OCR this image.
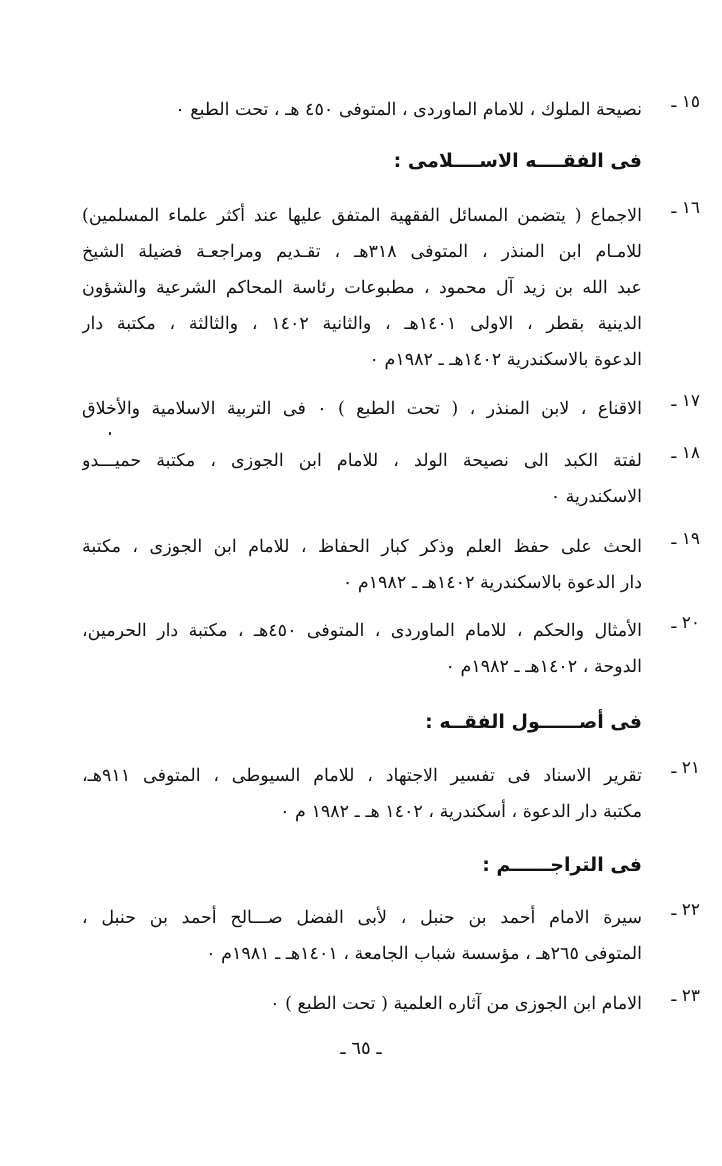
١٥ ـ
نصيحة الملوك ، للامام الماوردى ، المتوفى ٤٥٠ هـ ، تحت الطبع ٠
فى الفقــــه الاســــلامى :
١٦ ـ
الاجماع ( يتضمن المسائل الفقهية المتفق عليها عند أكثر علماء المسلمين)
للامـام ابن المنذر ، المتوفى ٣١٨هـ ، تقـديم ومراجعـة فضيلة الشيخ
عبد الله بن زيد آل محمود ، مطبوعات رئاسة المحاكم الشرعية والشؤون
الدينية بقطر ، الاولى ١٤٠١هـ ، والثانية ١٤٠٢ ، والثالثة ، مكتبة دار
الدعوة بالاسكندرية ١٤٠٢هـ ـ ١٩٨٢م ٠
١٧ ـ
الاقناع ، لابن المنذر ، ( تحت الطبع ) ٠ فى التربية الاسلامية والأخلاق
١٨ ـ
لفتة الكبد الى نصيحة الولد ، للامام ابن الجوزى ، مكتبة حميـــدو
الاسكندرية ٠
١٩ ـ
الحث على حفظ العلم وذكر كبار الحفاظ ، للامام ابن الجوزى ، مكتبة
دار الدعوة بالاسكندرية ١٤٠٢هـ ـ ١٩٨٢م ٠
٢٠ ـ
الأمثال والحكم ، للامام الماوردى ، المتوفى ٤٥٠هـ ، مكتبة دار الحرمين،
الدوحة ، ١٤٠٢هـ ـ ١٩٨٢م ٠
فى أصــــــول الفقــه :
٢١ ـ
تقرير الاسناد فى تفسير الاجتهاد ، للامام السيوطى ، المتوفى ٩١١هـ،
مكتبة دار الدعوة ، أسكندرية ، ١٤٠٢ هـ ـ ١٩٨٢ م ٠
فى التراجــــــم :
٢٢ ـ
سيرة الامام أحمد بن حنبل ، لأبى الفضل صـــالح أحمد بن حنبل ،
المتوفى ٢٦٥هـ ، مؤسسة شباب الجامعة ، ١٤٠١هـ ـ ١٩٨١م ٠
٢٣ ـ
الامام ابن الجوزى من آثاره العلمية ( تحت الطبع ) ٠
ـ ٦٥ ـ
